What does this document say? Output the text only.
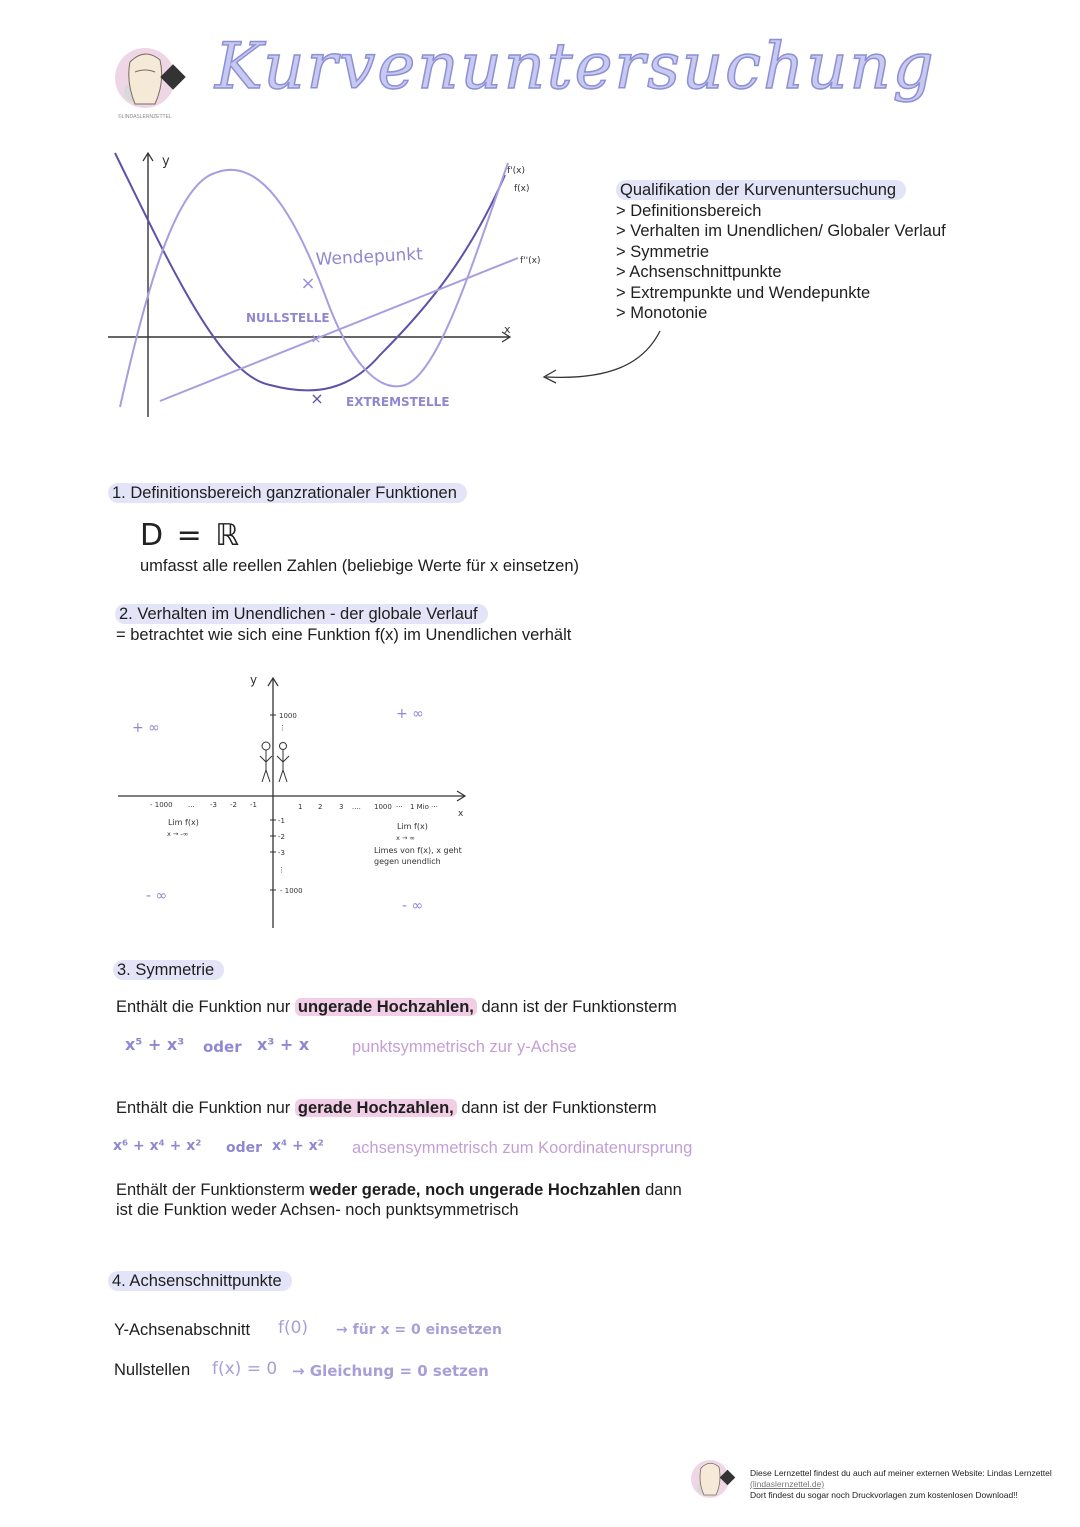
©LINDASLERNZETTEL
Kurvenuntersuchung
×
×
×
y
x
f'(x)
f(x)
f''(x)
Wendepunkt
NULLSTELLE
EXTREMSTELLE
Qualifikation der Kurvenuntersuchung
> Definitionsbereich
> Verhalten im Unendlichen/ Globaler Verlauf
> Symmetrie
> Achsenschnittpunkte
> Extrempunkte und Wendepunkte
> Monotonie
1. Definitionsbereich ganzrationaler Funktionen
D = ℝ
umfasst alle reellen Zahlen (beliebige Werte für x einsetzen)
2. Verhalten im Unendlichen - der globale Verlauf
= betrachtet wie sich eine Funktion f(x) im Unendlichen verhält
y
x
+ ∞
+ ∞
- ∞
- ∞
1000
⋮
-1
-2
-3
⋮
- 1000
- 1000 ... -3 -2 -1	1 2 3 .... 1000 ··· 1 Mio ···
Lim f(x)
x → -∞
Lim f(x)
x → ∞
Limes von f(x), x geht
gegen unendlich
3. Symmetrie
Enthält die Funktion nur ungerade Hochzahlen, dann ist der Funktionsterm
x⁵ + x³ oder x³ + x	punktsymmetrisch zur y-Achse
Enthält die Funktion nur gerade Hochzahlen, dann ist der Funktionsterm
x⁶ + x⁴ + x² oder x⁴ + x² achsensymmetrisch zum Koordinatenursprung
Enthält der Funktionsterm weder gerade, noch ungerade Hochzahlen dann
ist die Funktion weder Achsen- noch punktsymmetrisch
4. Achsenschnittpunkte
Y-Achsenabschnitt f(0) → für x = 0 einsetzen
Nullstellen f(x) = 0 → Gleichung = 0 setzen
Diese Lernzettel findest du auch auf meiner externen Website: Lindas Lernzettel
(lindaslernzettel.de)
Dort findest du sogar noch Druckvorlagen zum kostenlosen Download!!
